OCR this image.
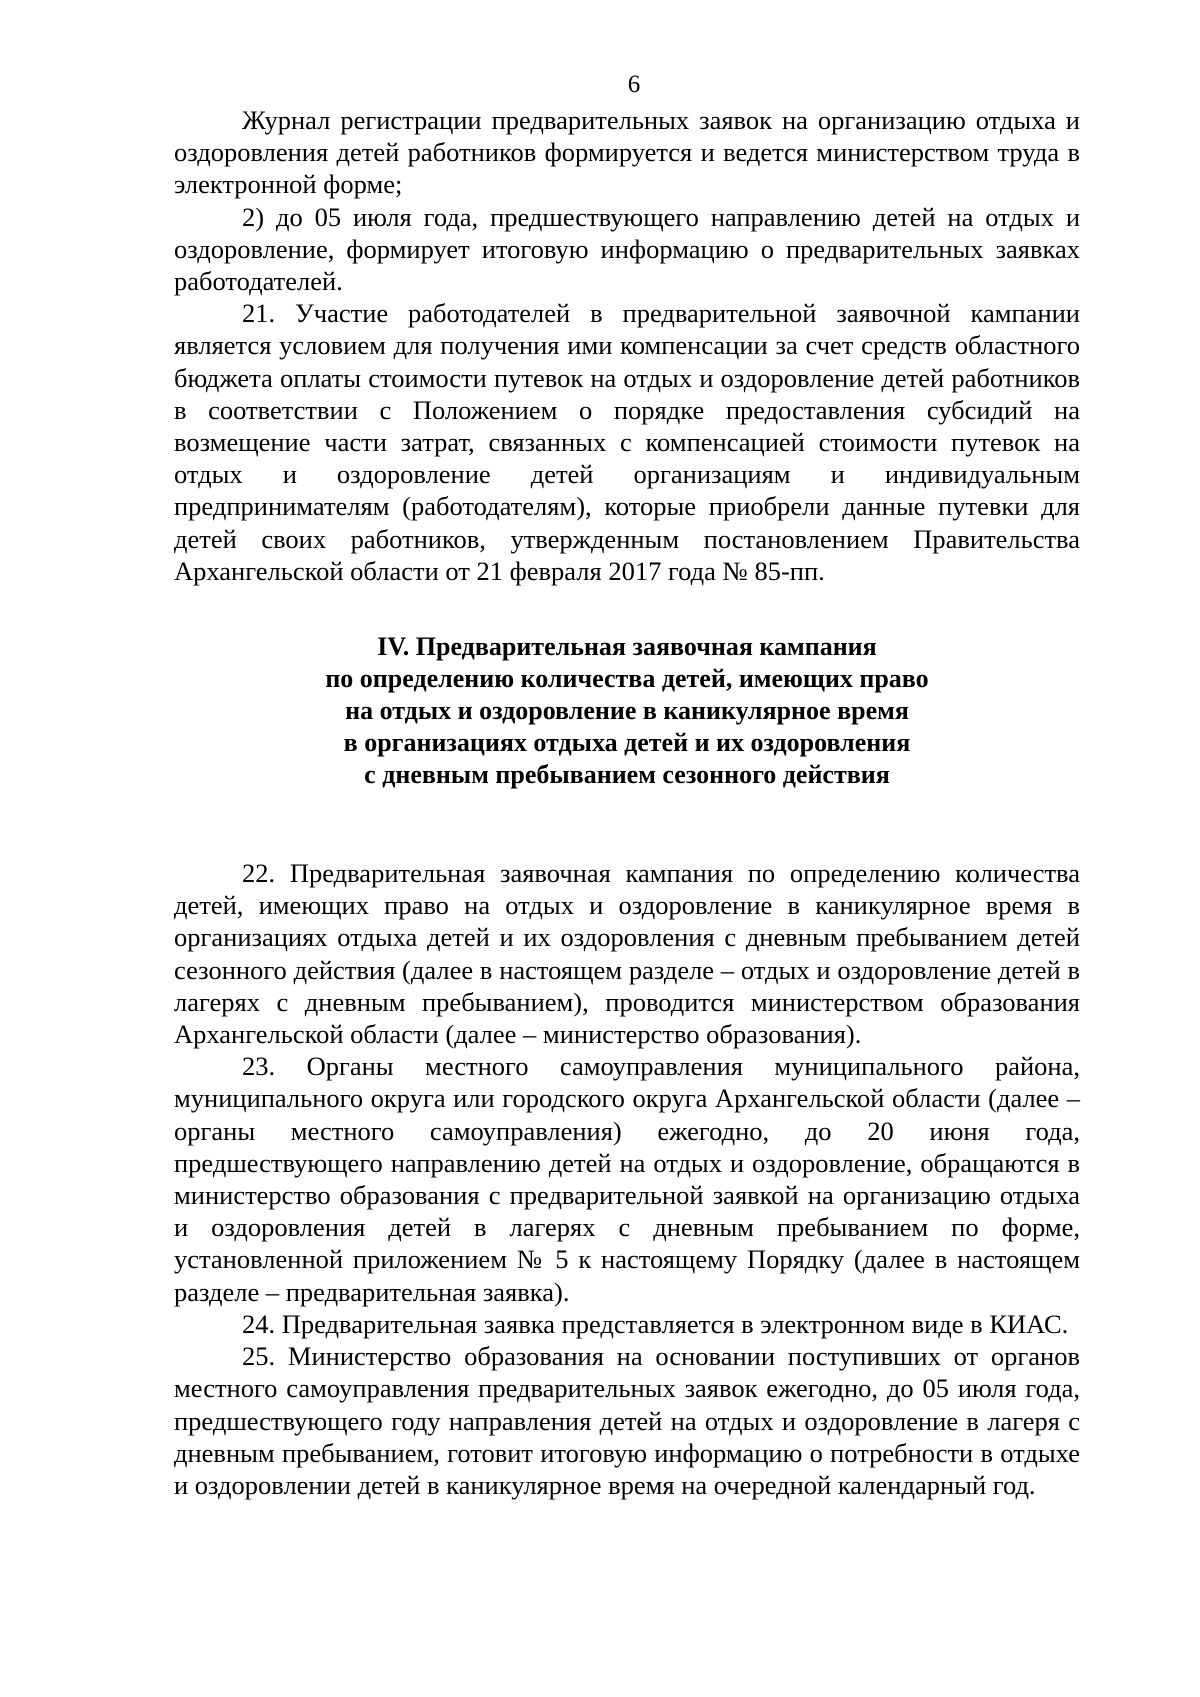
6

Журнал регистрации предварительных заявок на организацию отдыха и оздоровления детей работников формируется и ведется министерством труда в электронной форме;

2) до 05 июля года, предшествующего направлению детей на отдых и оздоровление, формирует итоговую информацию о предварительных заявках работодателей.

21. Участие работодателей в предварительной заявочной кампании является условием для получения ими компенсации за счет средств областного бюджета оплаты стоимости путевок на отдых и оздоровление детей работников в соответствии с Положением о порядке предоставления субсидий на возмещение части затрат, связанных с компенсацией стоимости путевок на отдых и оздоровление детей организациям и индивидуальным предпринимателям (работодателям), которые приобрели данные путевки для детей своих работников, утвержденным постановлением Правительства Архангельской области от 21 февраля 2017 года № 85-пп.

IV. Предварительная заявочная кампания
по определению количества детей, имеющих право
на отдых и оздоровление в каникулярное время
в организациях отдыха детей и их оздоровления
с дневным пребыванием сезонного действия

22. Предварительная заявочная кампания по определению количества детей, имеющих право на отдых и оздоровление в каникулярное время в организациях отдыха детей и их оздоровления с дневным пребыванием детей сезонного действия (далее в настоящем разделе – отдых и оздоровление детей в лагерях с дневным пребыванием), проводится министерством образования Архангельской области (далее – министерство образования).

23. Органы местного самоуправления муниципального района, муниципального округа или городского округа Архангельской области (далее – органы местного самоуправления) ежегодно, до 20 июня года, предшествующего направлению детей на отдых и оздоровление, обращаются в министерство образования с предварительной заявкой на организацию отдыха и оздоровления детей в лагерях с дневным пребыванием по форме, установленной приложением № 5 к настоящему Порядку (далее в настоящем разделе – предварительная заявка).

24. Предварительная заявка представляется в электронном виде в КИАС.

25. Министерство образования на основании поступивших от органов местного самоуправления предварительных заявок ежегодно, до 05 июля года, предшествующего году направления детей на отдых и оздоровление в лагеря с дневным пребыванием, готовит итоговую информацию о потребности в отдыхе и оздоровлении детей в каникулярное время на очередной календарный год.
